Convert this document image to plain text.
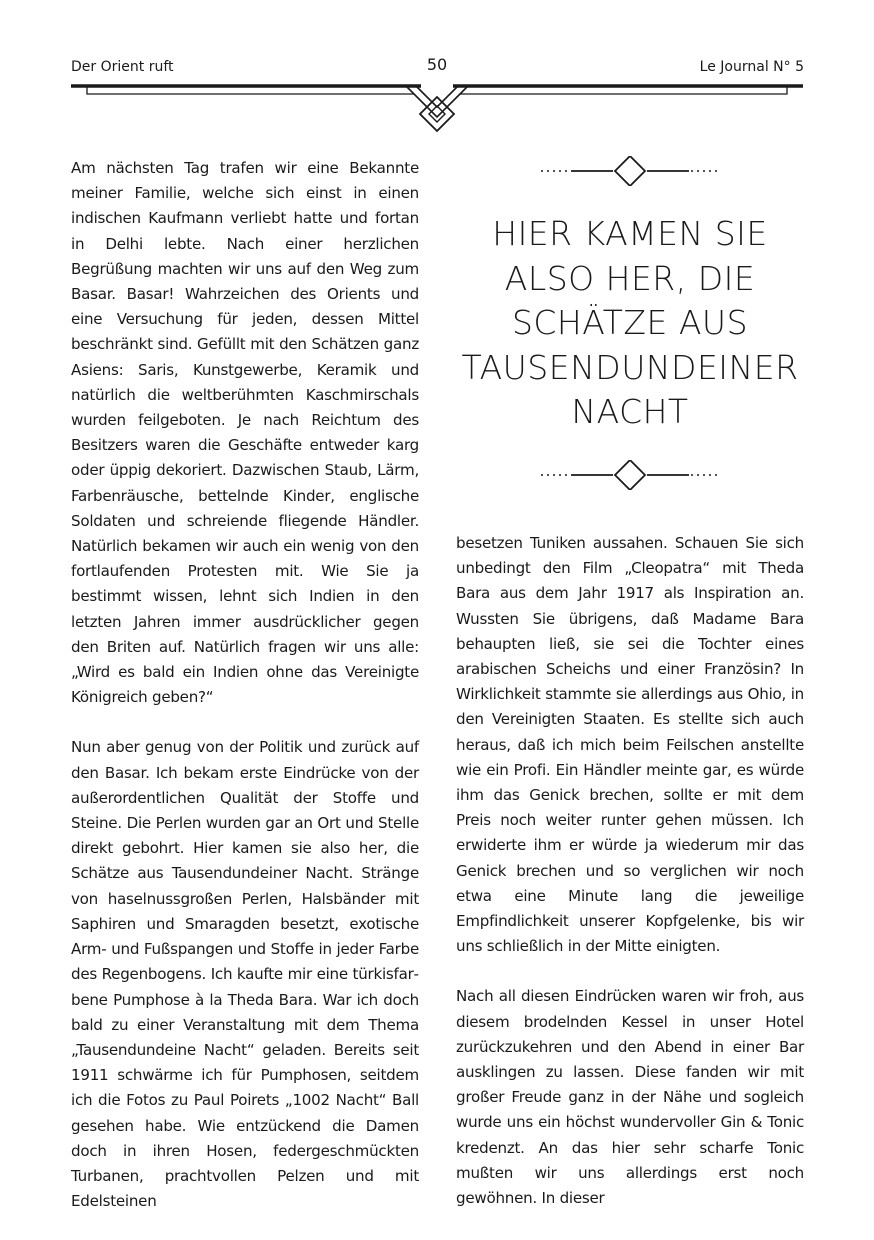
Der Orient ruft	50	Le Journal N° 5

Am nächsten Tag trafen wir eine Bekannte meiner Familie, welche sich einst in einen indischen Kaufmann verliebt hatte und fortan in Delhi lebte. Nach einer herzlichen Begrüßung machten wir uns auf den Weg zum Basar. Basar! Wahrzeichen des Orients und eine Versuchung für jeden, dessen Mittel beschränkt sind. Gefüllt mit den Schätzen ganz Asiens: Saris, Kunstgewerbe, Keramik und natürlich die weltberühmten Kaschmirschals wurden feilgeboten. Je nach Reichtum des Besitzers waren die Geschäfte entweder karg oder üppig dekoriert. Dazwischen Staub, Lärm, Farbenräusche, bettelnde Kinder, englische Soldaten und schreiende fliegende Händler. Natürlich bekamen wir auch ein wenig von den fortlaufenden Protesten mit. Wie Sie ja bestimmt wissen, lehnt sich Indien in den letzten Jahren immer ausdrücklicher gegen den Briten auf. Natürlich fragen wir uns alle: „Wird es bald ein Indien ohne das Vereinigte Königreich geben?“

Nun aber genug von der Politik und zurück auf den Basar. Ich bekam erste Eindrücke von der außerordentlichen Qualität der Stoffe und Steine. Die Perlen wurden gar an Ort und Stelle direkt gebohrt. Hier kamen sie also her, die Schätze aus Tausendundeiner Nacht. Stränge von haselnussgroßen Perlen, Halsbänder mit Saphiren und Smaragden besetzt, exotische Arm- und Fußspangen und Stoffe in jeder Farbe des Regenbogens. Ich kaufte mir eine türkisfarbene Pumphose à la Theda Bara. War ich doch bald zu einer Veranstaltung mit dem Thema „Tausendundeine Nacht“ geladen. Bereits seit 1911 schwärme ich für Pumphosen, seitdem ich die Fotos zu Paul Poirets „1002 Nacht“ Ball gesehen habe. Wie entzückend die Damen doch in ihren Hosen, federgeschmückten Turbanen, prachtvollen Pelzen und mit Edelsteinen

HIER KAMEN SIE ALSO HER, DIE SCHÄTZE AUS TAUSENDUNDEINER NACHT

besetzen Tuniken aussahen. Schauen Sie sich unbedingt den Film „Cleopatra“ mit Theda Bara aus dem Jahr 1917 als Inspiration an. Wussten Sie übrigens, daß Madame Bara behaupten ließ, sie sei die Tochter eines arabischen Scheichs und einer Französin? In Wirklichkeit stammte sie allerdings aus Ohio, in den Vereinigten Staaten. Es stellte sich auch heraus, daß ich mich beim Feilschen anstellte wie ein Profi. Ein Händler meinte gar, es würde ihm das Genick brechen, sollte er mit dem Preis noch weiter runter gehen müssen. Ich erwiderte ihm er würde ja wiederum mir das Genick brechen und so verglichen wir noch etwa eine Minute lang die jeweilige Empfindlichkeit unserer Kopfgelenke, bis wir uns schließlich in der Mitte einigten.

Nach all diesen Eindrücken waren wir froh, aus diesem brodelnden Kessel in unser Hotel zurückzukehren und den Abend in einer Bar ausklingen zu lassen. Diese fanden wir mit großer Freude ganz in der Nähe und sogleich wurde uns ein höchst wundervoller Gin & Tonic kredenzt. An das hier sehr scharfe Tonic mußten wir uns allerdings erst noch gewöhnen. In dieser
